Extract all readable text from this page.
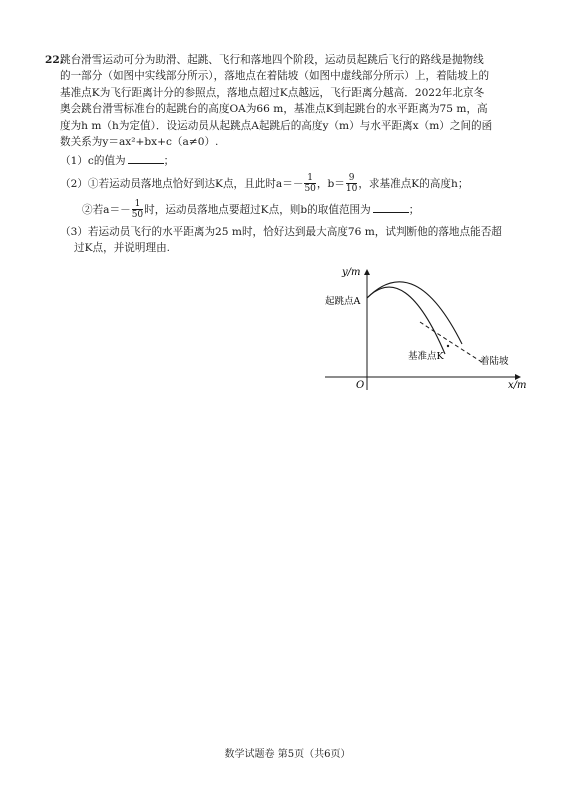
22.
跳台滑雪运动可分为助滑、起跳、飞行和落地四个阶段，运动员起跳后飞行的路线是抛物线
的一部分（如图中实线部分所示），落地点在着陆坡（如图中虚线部分所示）上，着陆坡上的
基准点K为飞行距离计分的参照点，落地点超过K点越远，飞行距离分越高．2022年北京冬
奥会跳台滑雪标准台的起跳台的高度OA为66 m，基准点K到起跳台的水平距离为75 m，高
度为h m（h为定值）．设运动员从起跳点A起跳后的高度y（m）与水平距离x（m）之间的函
数关系为y＝ax²+bx+c（a≠0）.
（1）c的值为	；
（2）①若运动员落地点恰好到达K点，且此时$a=- \frac{1}{50}$ ，$b= \frac{9}{10}$ ，求基准点K的高度h；
②若$a=- \frac{1}{50}$ 时，运动员落地点要超过K点，则b的取值范围为	；
（3）若运动员飞行的水平距离为25 m时，恰好达到最大高度76 m，试判断他的落地点能否超
过K点，并说明理由.
y/m
x/m
O
起跳点A
基准点K	着陆坡
数学试题卷 第5页（共6页）
